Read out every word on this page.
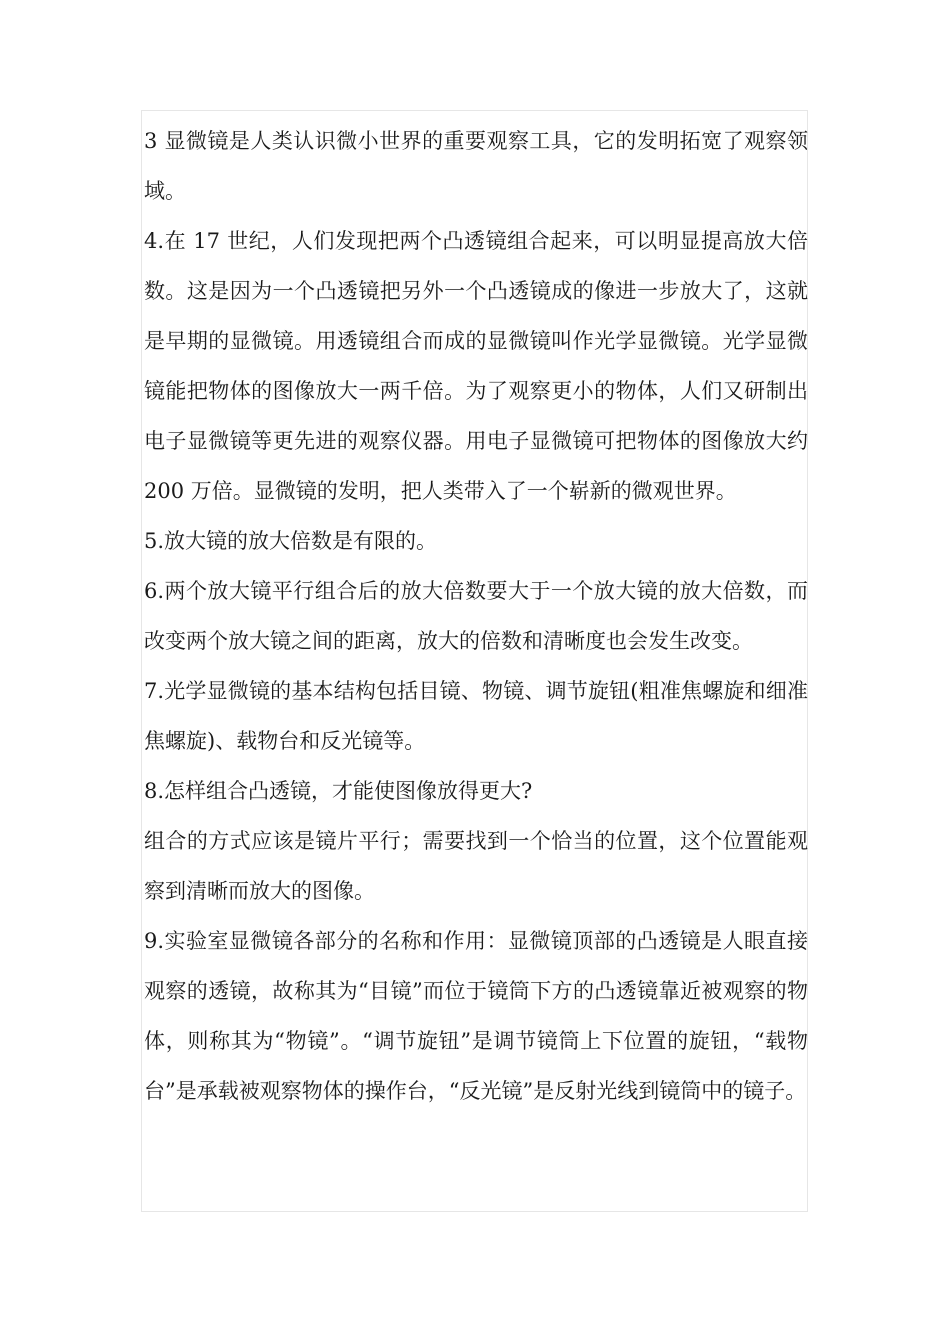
3 显微镜是人类认识微小世界的重要观察工具，它的发明拓宽了观察领域。

4.在 17 世纪，人们发现把两个凸透镜组合起来，可以明显提高放大倍数。这是因为一个凸透镜把另外一个凸透镜成的像进一步放大了，这就是早期的显微镜。用透镜组合而成的显微镜叫作光学显微镜。光学显微镜能把物体的图像放大一两千倍。为了观察更小的物体，人们又研制出电子显微镜等更先进的观察仪器。用电子显微镜可把物体的图像放大约 200 万倍。显微镜的发明，把人类带入了一个崭新的微观世界。

5.放大镜的放大倍数是有限的。

6.两个放大镜平行组合后的放大倍数要大于一个放大镜的放大倍数，而改变两个放大镜之间的距离，放大的倍数和清晰度也会发生改变。

7.光学显微镜的基本结构包括目镜、物镜、调节旋钮(粗准焦螺旋和细准焦螺旋)、载物台和反光镜等。

8.怎样组合凸透镜，才能使图像放得更大?

组合的方式应该是镜片平行；需要找到一个恰当的位置，这个位置能观察到清晰而放大的图像。

9.实验室显微镜各部分的名称和作用：显微镜顶部的凸透镜是人眼直接观察的透镜，故称其为“目镜”而位于镜筒下方的凸透镜靠近被观察的物体，则称其为“物镜”。“调节旋钮”是调节镜筒上下位置的旋钮，“载物台”是承载被观察物体的操作台，“反光镜”是反射光线到镜筒中的镜子。
